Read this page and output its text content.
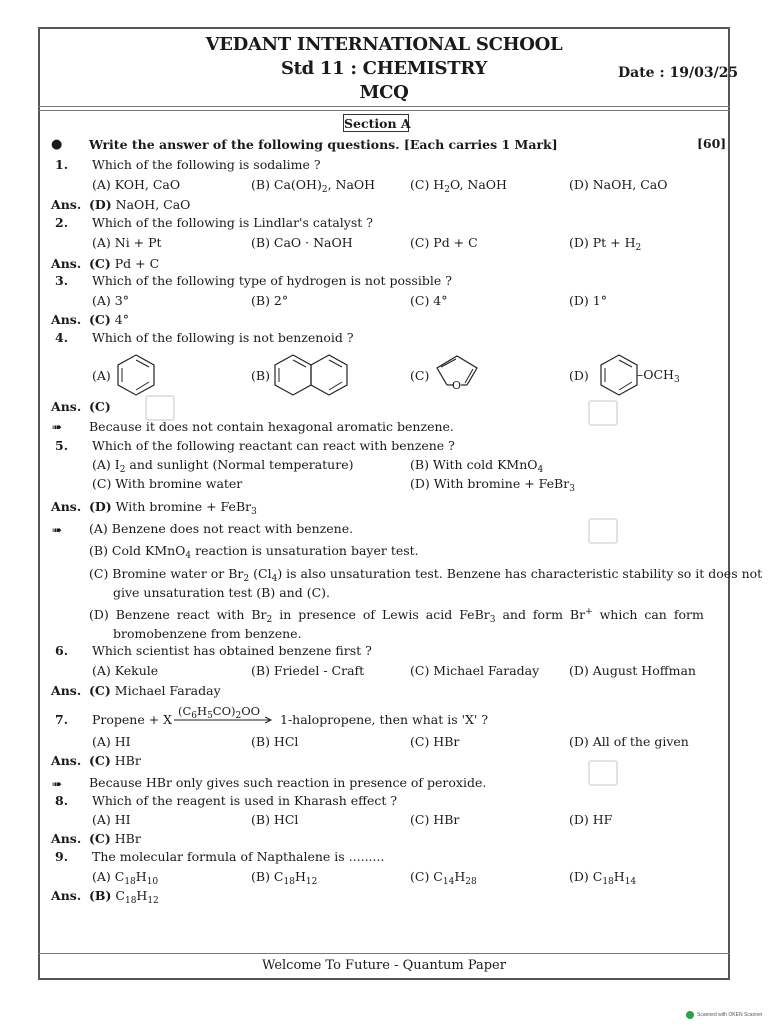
VEDANT INTERNATIONAL SCHOOL
Std 11 : CHEMISTRY
MCQ
Date : 19/03/25
Section A
● Write the answer of the following questions. [Each carries 1 Mark]	[60]
1. Which of the following is sodalime ?
(A) KOH, CaO	(B) $Ca(OH)_2$, NaOH	(C) $H_2O$, NaOH	(D) NaOH, CaO
Ans. (D) NaOH, CaO
2. Which of the following is Lindlar's catalyst ?
(A) Ni + Pt	(B) CaO · NaOH	(C) Pd + C	(D) $Pt + H_2$
Ans. (C) Pd + C
3. Which of the following type of hydrogen is not possible ?
(A) 3°	(B) 2°	(C) 4°	(D) 1°
Ans. (C) 4°
4. Which of the following is not benzenoid ?
(A)	(B)	(C)	(D)
O
$-OCH_3$
Ans. (C)
➠ Because it does not contain hexagonal aromatic benzene.
5. Which of the following reactant can react with benzene ?
(A) $I_2$ and sunlight (Normal temperature)	(B) With cold KMnO$_4$
(C) With bromine water	(D) With bromine + FeBr$_3$
Ans. (D) With bromine + FeBr$_3$
➠ (A) Benzene does not react with benzene.
(B) Cold KMnO$_4$ reaction is unsaturation bayer test.
(C) Bromine water or $Br_2$ $(Cl_4)$ is also unsaturation test. Benzene has characteristic stability so it does not
give unsaturation test (B) and (C).
(D) Benzene react with $Br_2$ in presence of Lewis acid FeBr$_3$ and form Br+ which can form
bromobenzene from benzene.
6. Which scientist has obtained benzene first ?
(A) Kekule	(B) Friedel - Craft	(C) Michael Faraday (D) August Hoffman
Ans. (C) Michael Faraday
7. Propene + X
$(C_6H_5CO)_2OO$
1-halopropene, then what is 'X' ?
(A) HI	(B) HCl	(C) HBr	(D) All of the given
Ans. (C) HBr
➠ Because HBr only gives such reaction in presence of peroxide.
8. Which of the reagent is used in Kharash effect ?
(A) HI	(B) HCl	(C) HBr	(D) HF
Ans. (C) HBr
9. The molecular formula of Napthalene is .........
(A) $C_{18}H_{10}$	(B) $C_{18}H_{12}$	(C) $C_{14}H_{28}$	(D) $C_{18}H_{14}$
Ans. (B) $C_{18}H_{12}$
Welcome To Future - Quantum Paper
Scanned with OKEN Scanner
